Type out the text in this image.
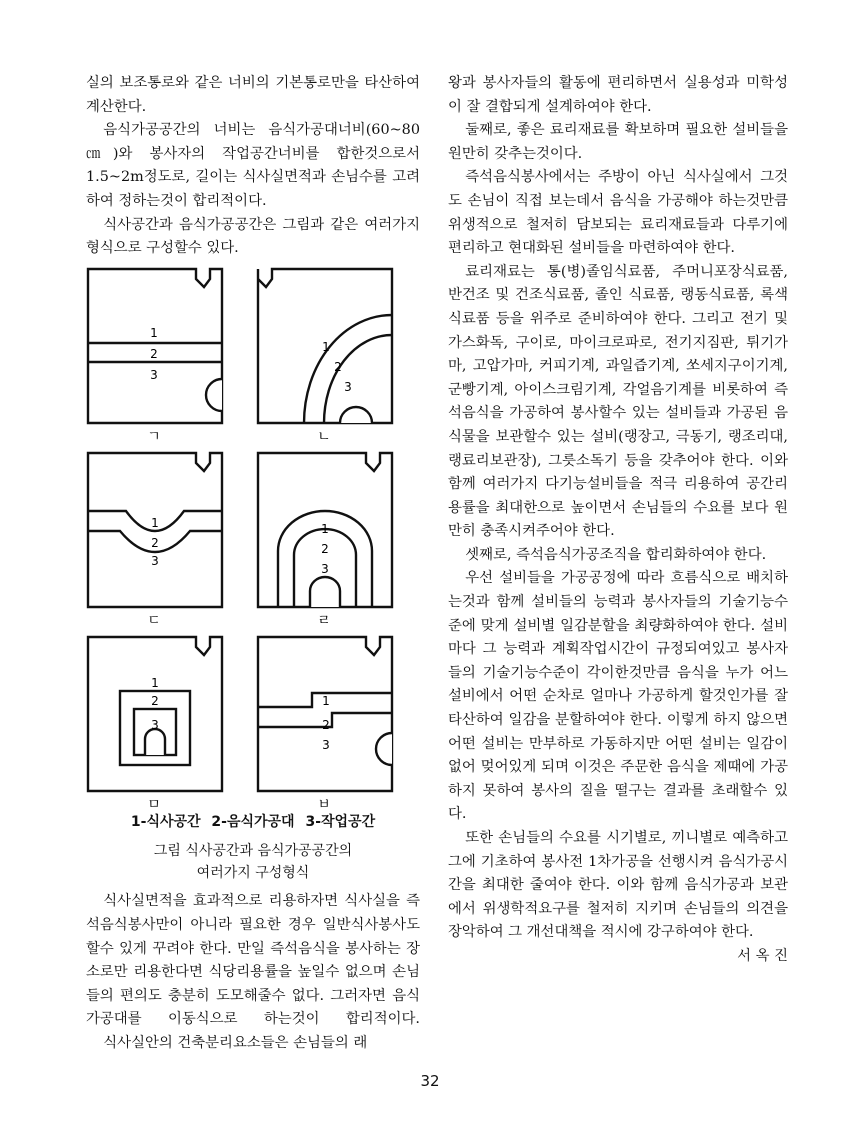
실의 보조통로와 같은 너비의 기본통로만을 타산하여 계산한다.

음식가공공간의 너비는 음식가공대너비(60~80㎝)와 봉사자의 작업공간너비를 합한것으로서 1.5~2m정도로, 길이는 식사실면적과 손님수를 고려하여 정하는것이 합리적이다.

식사공간과 음식가공공간은 그림과 같은 여러가지 형식으로 구성할수 있다.

1
2
3
ㄱ
1
2
3
ㄴ
1
2
3
ㄷ
1
2
3
ㄹ
1
2
3
ㅁ
1
2
3
ㅂ
1-식사공간 2-음식가공대 3-작업공간
그림 식사공간과 음식가공공간의
여러가지 구성형식

식사실면적을 효과적으로 리용하자면 식사실을 즉석음식봉사만이 아니라 필요한 경우 일반식사봉사도 할수 있게 꾸려야 한다. 만일 즉석음식을 봉사하는 장소로만 리용한다면 식당리용률을 높일수 없으며 손님들의 편의도 충분히 도모해줄수 없다. 그러자면 음식가공대를 이동식으로 하는것이 합리적이다.

식사실안의 건축분리요소들은 손님들의 래

왕과 봉사자들의 활동에 편리하면서 실용성과 미학성이 잘 결합되게 설계하여야 한다.

둘째로, 좋은 료리재료를 확보하며 필요한 설비들을 원만히 갖추는것이다.

즉석음식봉사에서는 주방이 아닌 식사실에서 그것도 손님이 직접 보는데서 음식을 가공해야 하는것만큼 위생적으로 철저히 담보되는 료리재료들과 다루기에 편리하고 현대화된 설비들을 마련하여야 한다.

료리재료는 통(병)졸임식료품, 주머니포장식료품, 반건조 및 건조식료품, 졸인 식료품, 랭동식료품, 록색식료품 등을 위주로 준비하여야 한다. 그리고 전기 및 가스화독, 구이로, 마이크로파로, 전기지짐판, 튀기가마, 고압가마, 커피기계, 과일즙기계, 쏘세지구이기계, 군빵기계, 아이스크림기계, 각얼음기계를 비롯하여 즉석음식을 가공하여 봉사할수 있는 설비들과 가공된 음식물을 보관할수 있는 설비(랭장고, 극동기, 랭조리대, 랭료리보관장), 그릇소독기 등을 갖추어야 한다. 이와 함께 여러가지 다기능설비들을 적극 리용하여 공간리용률을 최대한으로 높이면서 손님들의 수요를 보다 원만히 충족시켜주어야 한다.

셋째로, 즉석음식가공조직을 합리화하여야 한다.

우선 설비들을 가공공정에 따라 흐름식으로 배치하는것과 함께 설비들의 능력과 봉사자들의 기술기능수준에 맞게 설비별 일감분할을 최량화하여야 한다. 설비마다 그 능력과 계획작업시간이 규정되여있고 봉사자들의 기술기능수준이 각이한것만큼 음식을 누가 어느 설비에서 어떤 순차로 얼마나 가공하게 할것인가를 잘 타산하여 일감을 분할하여야 한다. 이렇게 하지 않으면 어떤 설비는 만부하로 가동하지만 어떤 설비는 일감이 없어 멎어있게 되며 이것은 주문한 음식을 제때에 가공하지 못하여 봉사의 질을 떨구는 결과를 초래할수 있다.

또한 손님들의 수요를 시기별로, 끼니별로 예측하고 그에 기초하여 봉사전 1차가공을 선행시켜 음식가공시간을 최대한 줄여야 한다. 이와 함께 음식가공과 보관에서 위생학적요구를 철저히 지키며 손님들의 의견을 장악하여 그 개선대책을 적시에 강구하여야 한다.

서 옥 진
32
